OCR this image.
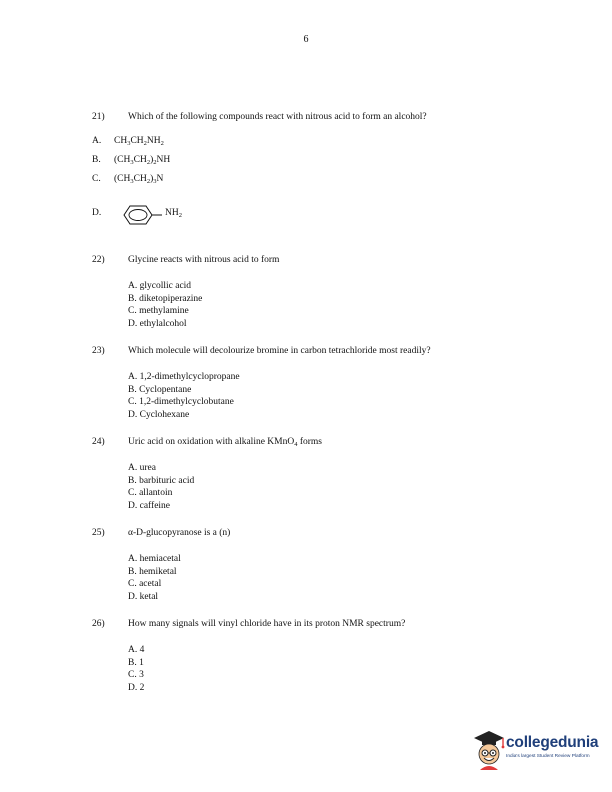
6
21) Which of the following compounds react with nitrous acid to form an alcohol?
A. $CH_3CH_2NH_2$
B. $(CH_3CH_2)_2NH$
C. $(CH_3CH_2)_3N$
D.	$NH_2$
22) Glycine reacts with nitrous acid to form
A. glycollic acid
B. diketopiperazine
C. methylamine
D. ethylalcohol
23) Which molecule will decolourize bromine in carbon tetrachloride most readily?
A. 1,2-dimethylcyclopropane
B. Cyclopentane
C. 1,2-dimethylcyclobutane
D. Cyclohexane
24) Uric acid on oxidation with alkaline KMnO$_4$ forms
A. urea
B. barbituric acid
C. allantoin
D. caffeine
25) α-D-glucopyranose is a (n)
A. hemiacetal
B. hemiketal
C. acetal
D. ketal
26) How many signals will vinyl chloride have in its proton NMR spectrum?
A. 4
B. 1
C. 3
D. 2
collegedunia
India's largest Student Review Platform
